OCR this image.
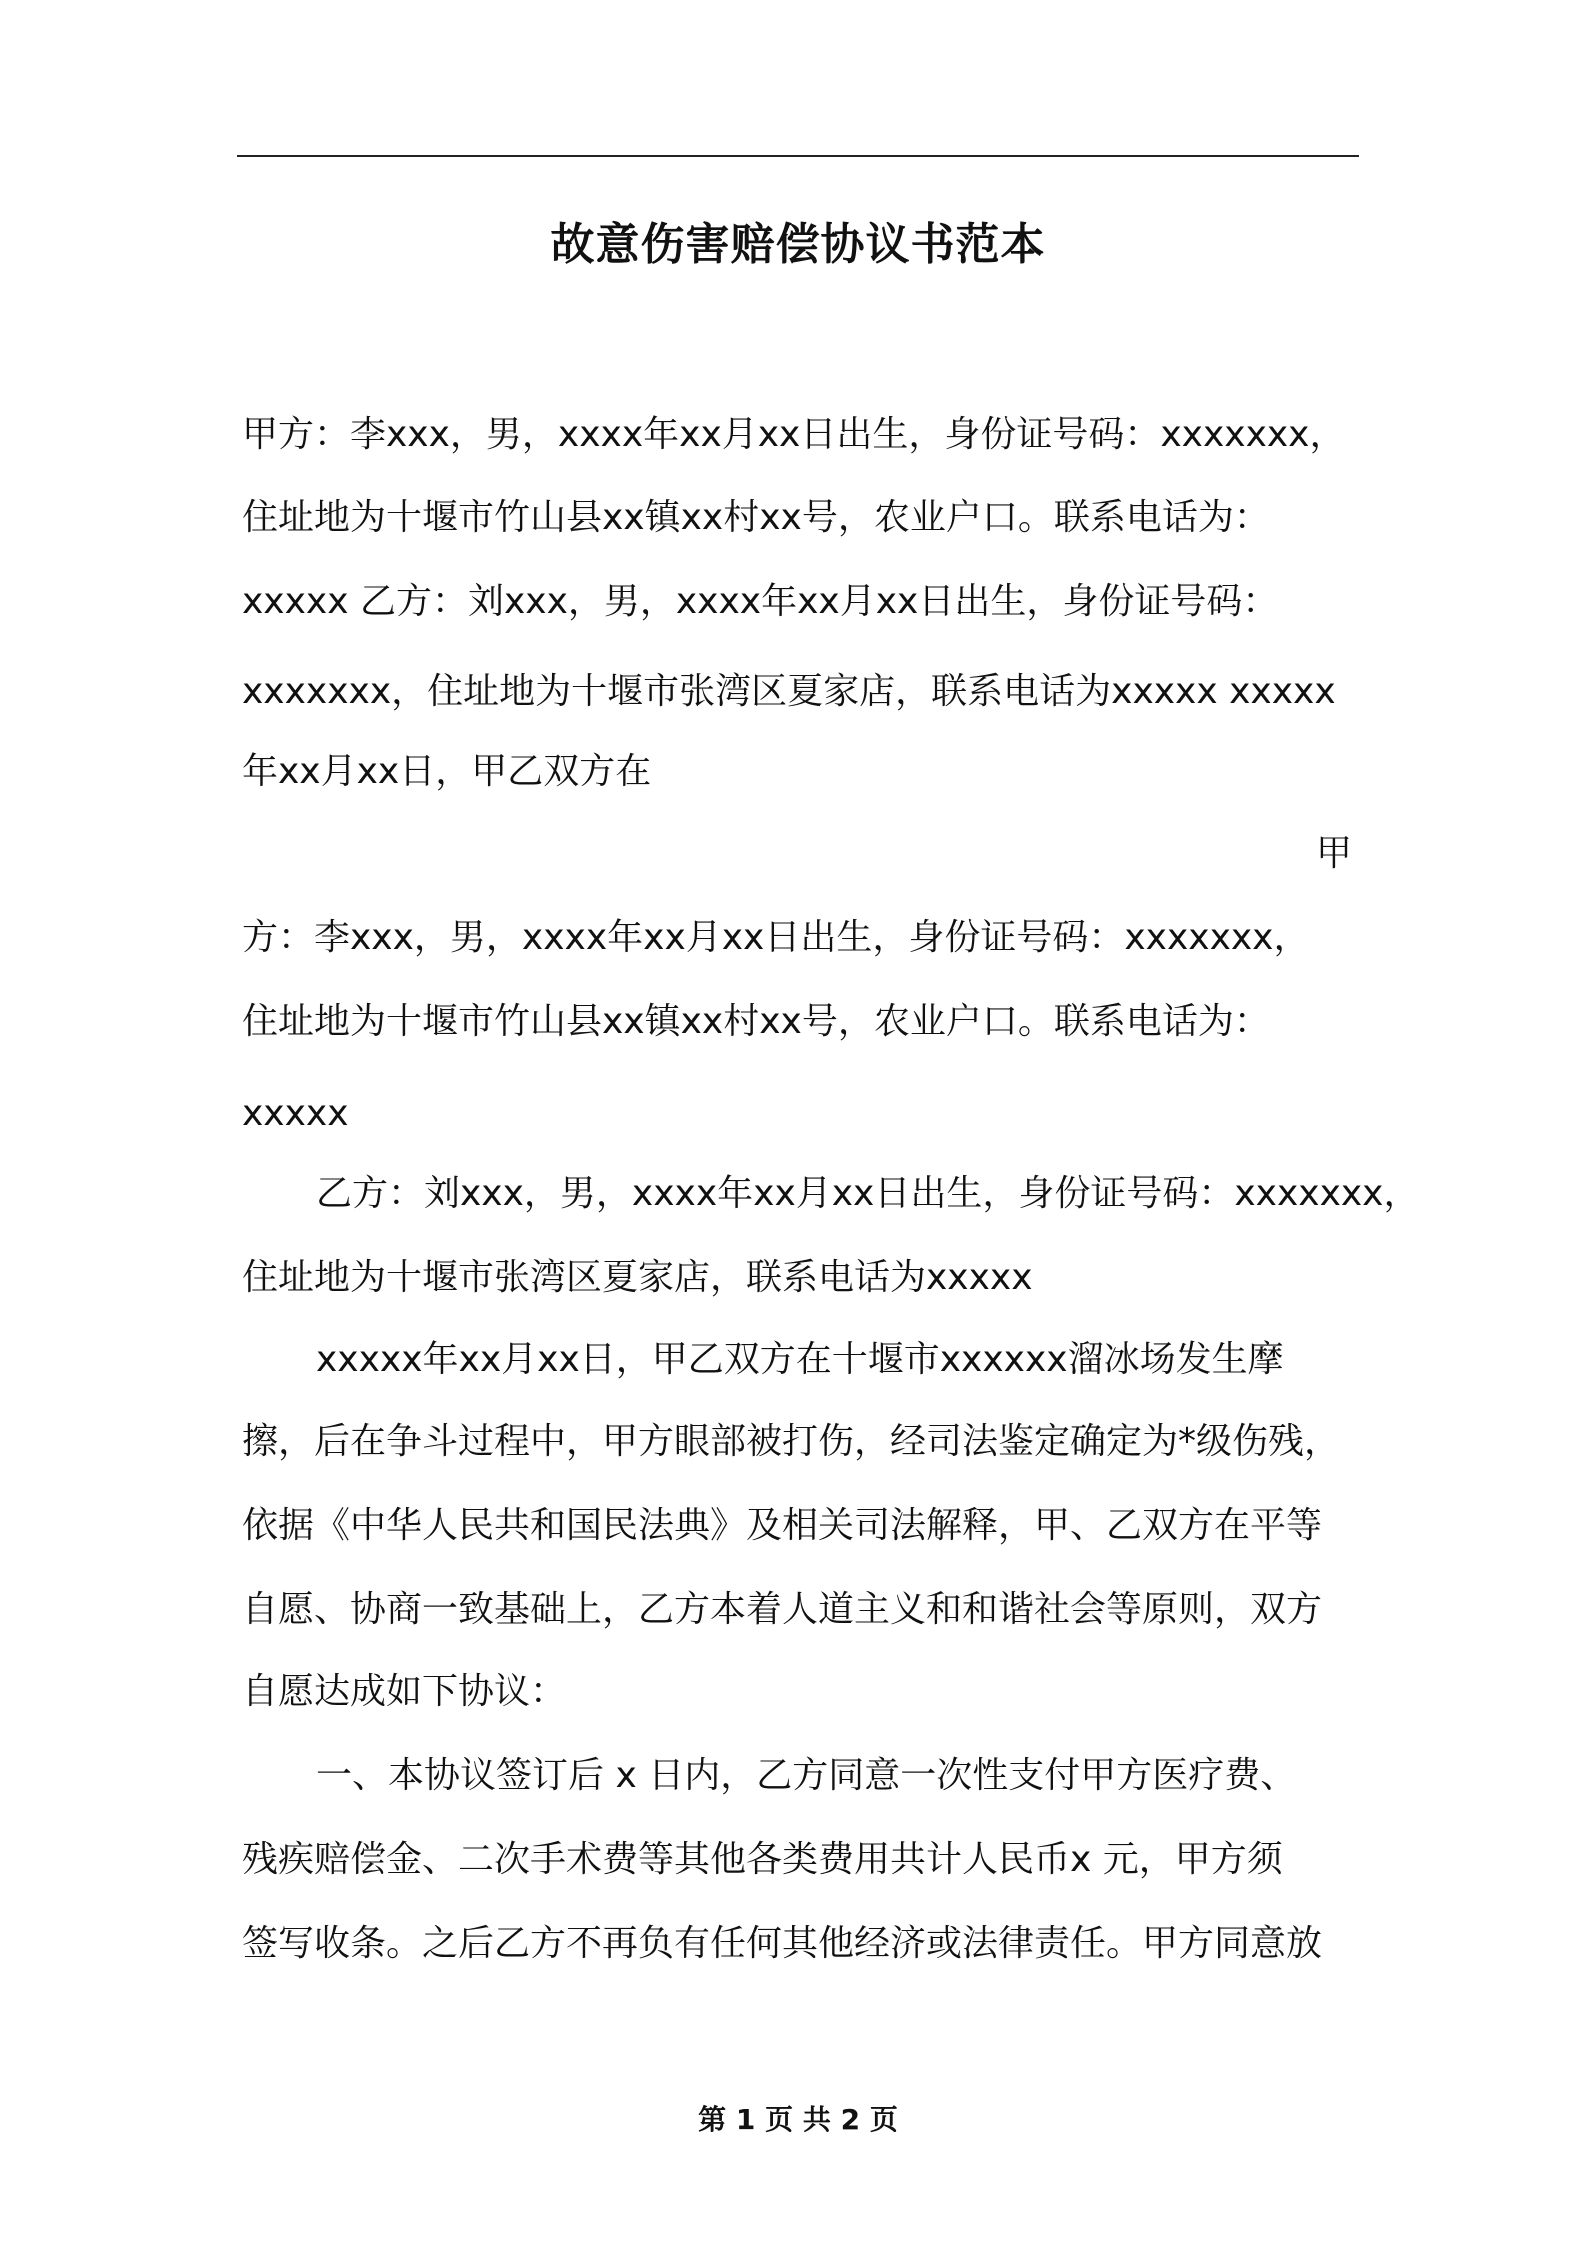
故意伤害赔偿协议书范本
甲方：李xxx，男，xxxx年xx月xx日出生，身份证号码：xxxxxxx，
住址地为十堰市竹山县xx镇xx村xx号，农业户口。联系电话为：
xxxxx 乙方：刘xxx，男，xxxx年xx月xx日出生，身份证号码：
xxxxxxx，住址地为十堰市张湾区夏家店，联系电话为xxxxx xxxxx
年xx月xx日，甲乙双方在
甲
方：李xxx，男，xxxx年xx月xx日出生，身份证号码：xxxxxxx，
住址地为十堰市竹山县xx镇xx村xx号，农业户口。联系电话为：
xxxxx
乙方：刘xxx，男，xxxx年xx月xx日出生，身份证号码：xxxxxxx，
住址地为十堰市张湾区夏家店，联系电话为xxxxx
xxxxx年xx月xx日，甲乙双方在十堰市xxxxxx溜冰场发生摩
擦，后在争斗过程中，甲方眼部被打伤，经司法鉴定确定为*级伤残，
依据《中华人民共和国民法典》及相关司法解释，甲、乙双方在平等
自愿、协商一致基础上，乙方本着人道主义和和谐社会等原则，双方
自愿达成如下协议：
一、本协议签订后 x 日内，乙方同意一次性支付甲方医疗费、
残疾赔偿金、二次手术费等其他各类费用共计人民币x 元，甲方须
签写收条。之后乙方不再负有任何其他经济或法律责任。甲方同意放
第 1 页 共 2 页
